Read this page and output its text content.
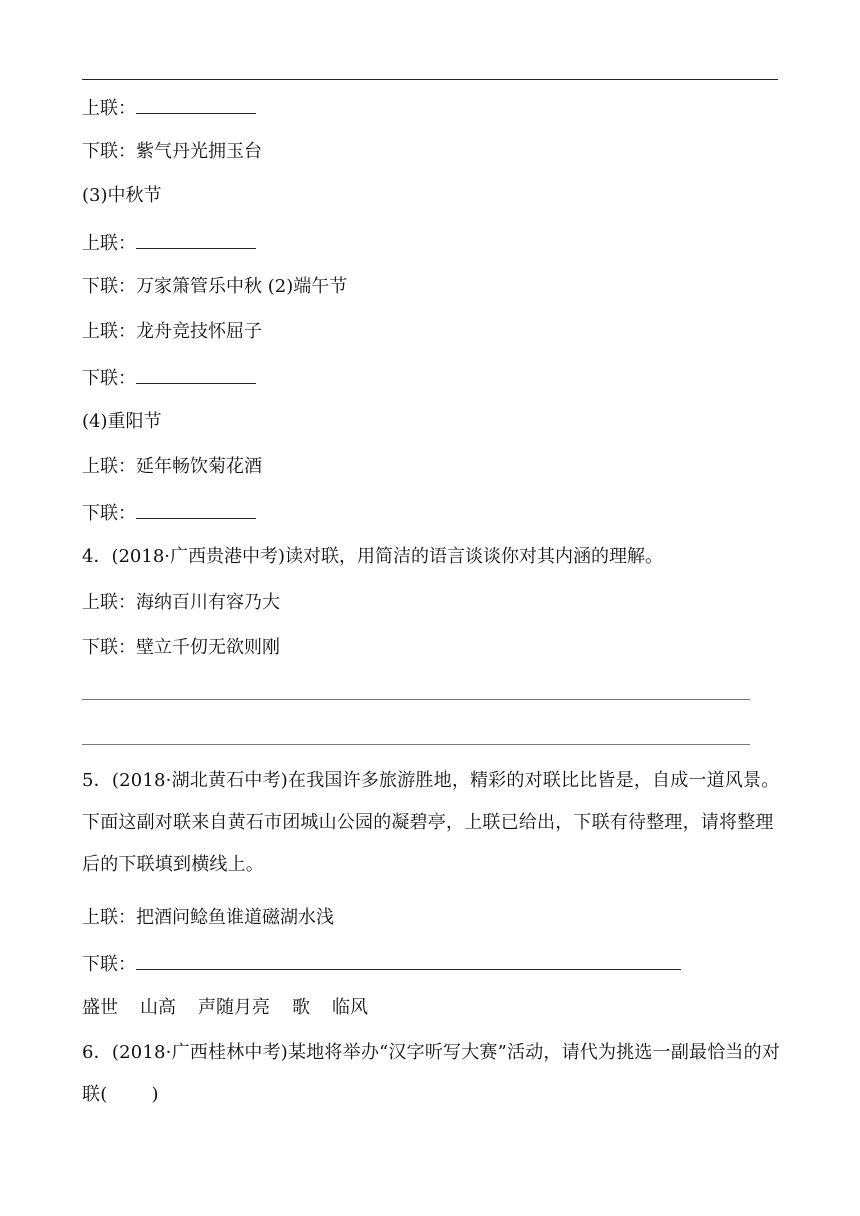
上联：
下联：紫气丹光拥玉台
(3)中秋节
上联：
下联：万家箫管乐中秋 (2)端午节
上联：龙舟竞技怀屈子
下联：
(4)重阳节
上联：延年畅饮菊花酒
下联：
4．(2018·广西贵港中考)读对联，用简洁的语言谈谈你对其内涵的理解。
上联：海纳百川有容乃大
下联：壁立千仞无欲则刚
5．(2018·湖北黄石中考)在我国许多旅游胜地，精彩的对联比比皆是，自成一道风景。下面这副对联来自黄石市团城山公园的凝碧亭，上联已给出，下联有待整理，请将整理后的下联填到横线上。
上联：把酒问鲶鱼谁道磁湖水浅
下联：
盛世 山高 声随月亮 歌 临风
6．(2018·广西桂林中考)某地将举办“汉字听写大赛”活动，请代为挑选一副最恰当的对联( )
